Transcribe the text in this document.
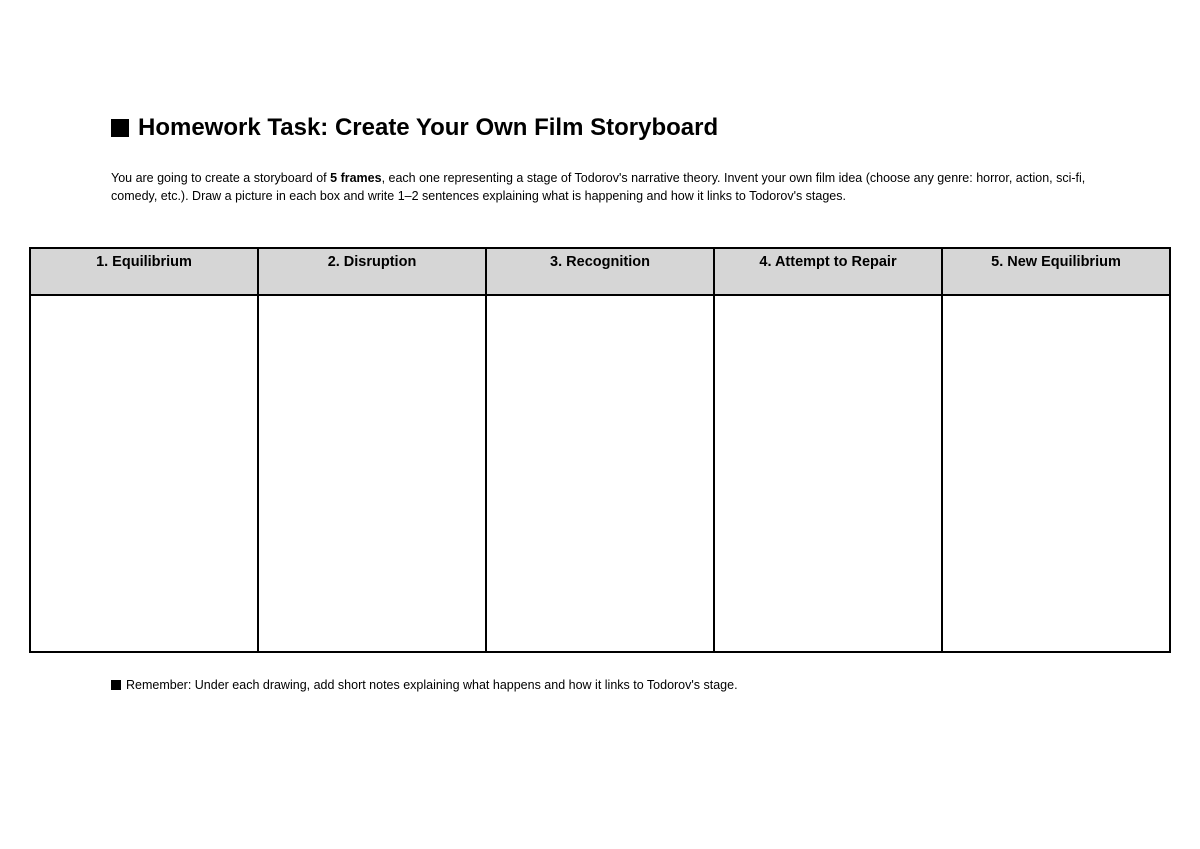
Homework Task: Create Your Own Film Storyboard
You are going to create a storyboard of 5 frames, each one representing a stage of Todorov's narrative theory. Invent your own film idea (choose any genre: horror, action, sci-fi, comedy, etc.). Draw a picture in each box and write 1–2 sentences explaining what is happening and how it links to Todorov's stages.
1. Equilibrium	2. Disruption	3. Recognition	4. Attempt to Repair	5. New Equilibrium

Remember: Under each drawing, add short notes explaining what happens and how it links to Todorov's stage.
